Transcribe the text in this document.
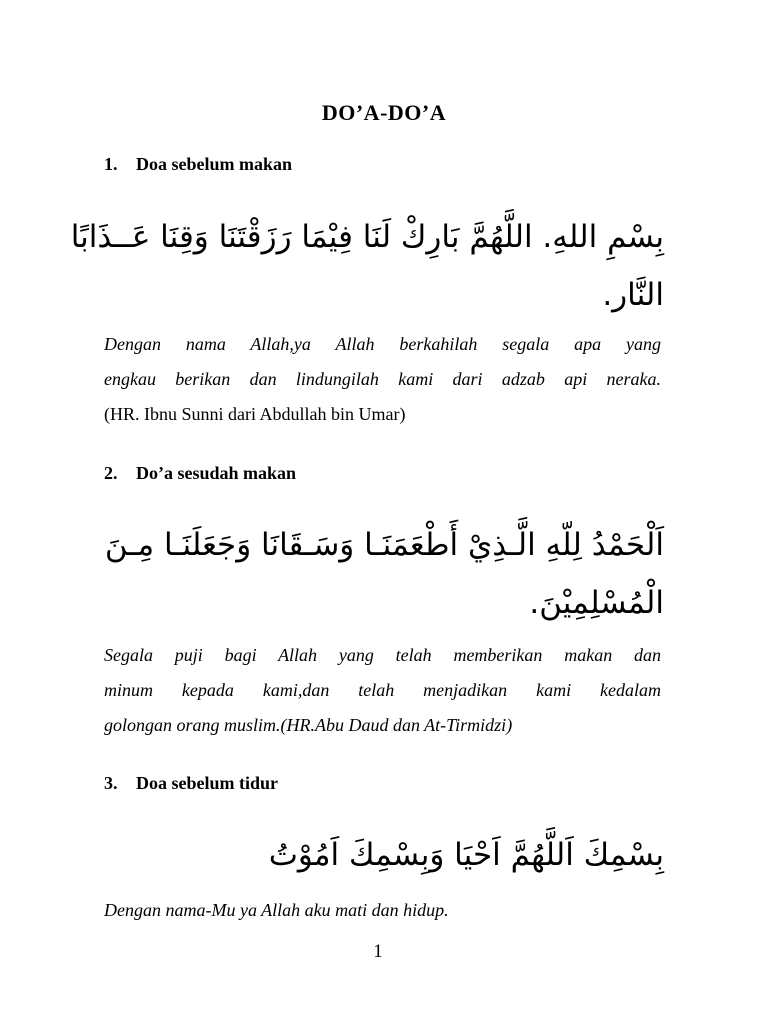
DO’A-DO’A
1. Doa sebelum makan
بِسْمِ اللهِ. اللَّهُمَّ بَارِكْ لَنَا فِيْمَا رَزَقْتَنَا وَقِنَا عَــذَابًا
النَّار.
Dengan nama Allah,ya Allah berkahilah segala apa yang
engkau berikan dan lindungilah kami dari adzab api neraka.
(HR. Ibnu Sunni dari Abdullah bin Umar)
2. Do’a sesudah makan
اَلْحَمْدُ لِلّهِ الَّـذِيْ أَطْعَمَنَـا وَسَـقَانَا وَجَعَلَنَـا مِـنَ
الْمُسْلِمِيْنَ.
Segala puji bagi Allah yang telah memberikan makan dan
minum kepada kami,dan telah menjadikan kami kedalam
golongan orang muslim.(HR.Abu Daud dan At-Tirmidzi)
3. Doa sebelum tidur
بِسْمِكَ اَللَّهُمَّ اَحْيَا وَبِسْمِكَ اَمُوْتُ
Dengan nama-Mu ya Allah aku mati dan hidup.
1
